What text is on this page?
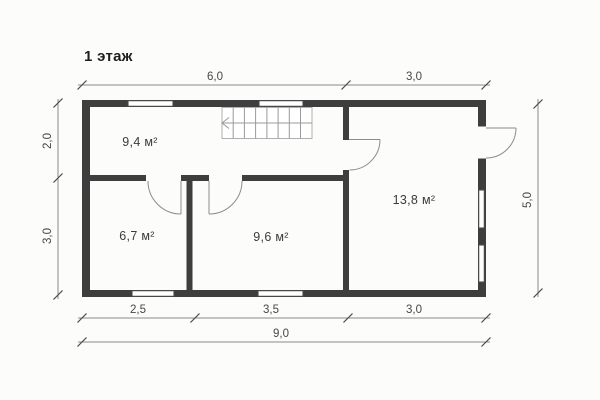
1 этаж
9,4 м²
6,7 м²	9,6 м²
13,8 м²
6,0	3,0
2,5	3,5	3,0
9,0
2,0
3,0
5,0
